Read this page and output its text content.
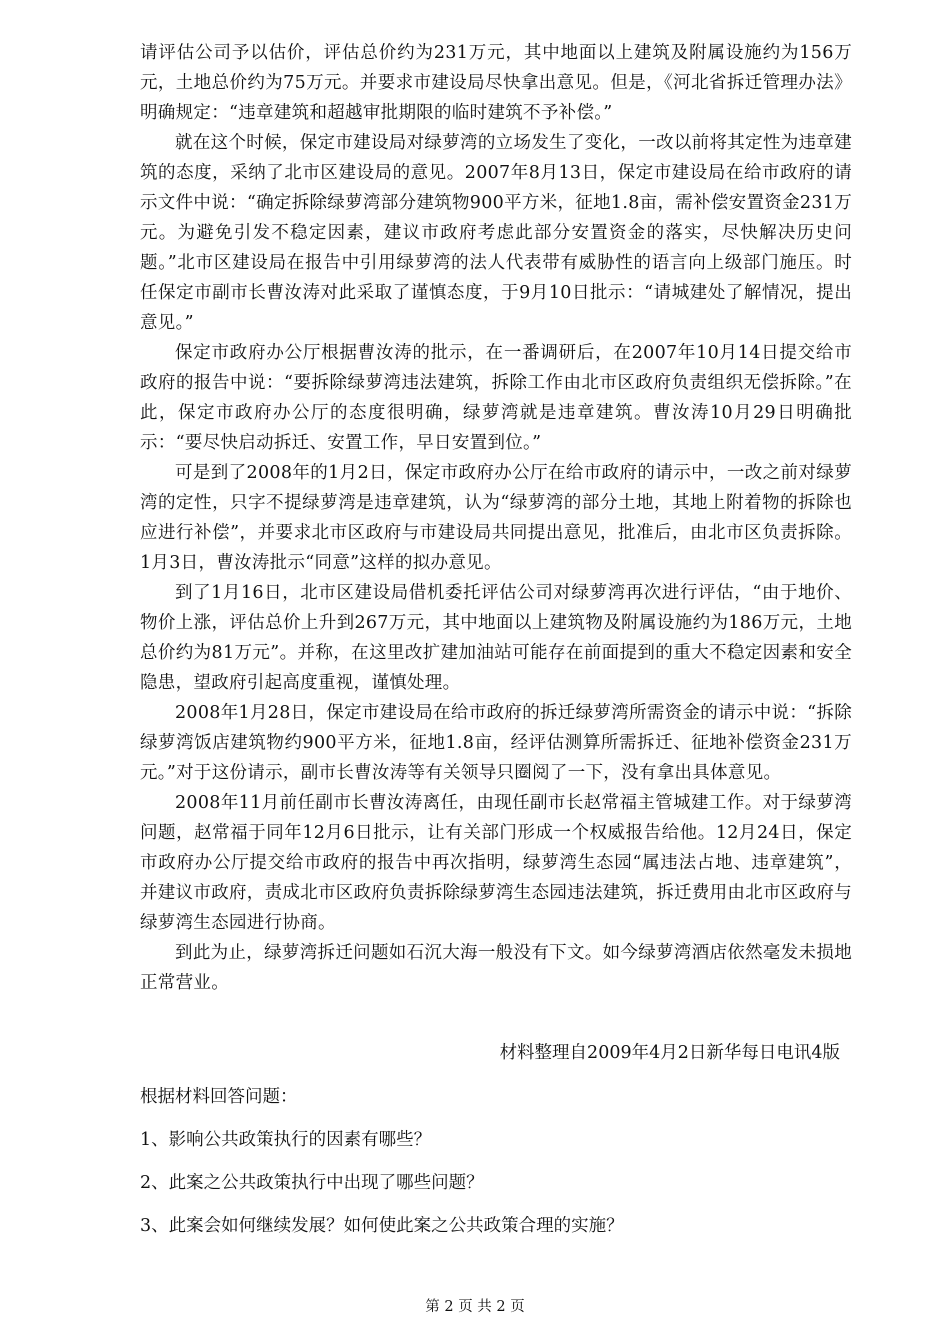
请评估公司予以估价，评估总价约为231万元，其中地面以上建筑及附属设施约为156万元，土地总价约为75万元。并要求市建设局尽快拿出意见。但是，《河北省拆迁管理办法》明确规定：“违章建筑和超越审批期限的临时建筑不予补偿。”

就在这个时候，保定市建设局对绿萝湾的立场发生了变化，一改以前将其定性为违章建筑的态度，采纳了北市区建设局的意见。2007年8月13日，保定市建设局在给市政府的请示文件中说：“确定拆除绿萝湾部分建筑物900平方米，征地1.8亩，需补偿安置资金231万元。为避免引发不稳定因素，建议市政府考虑此部分安置资金的落实，尽快解决历史问题。”北市区建设局在报告中引用绿萝湾的法人代表带有威胁性的语言向上级部门施压。时任保定市副市长曹汝涛对此采取了谨慎态度，于9月10日批示：“请城建处了解情况，提出意见。”

保定市政府办公厅根据曹汝涛的批示，在一番调研后，在2007年10月14日提交给市政府的报告中说：“要拆除绿萝湾违法建筑，拆除工作由北市区政府负责组织无偿拆除。”在此，保定市政府办公厅的态度很明确，绿萝湾就是违章建筑。曹汝涛10月29日明确批示：“要尽快启动拆迁、安置工作，早日安置到位。”

可是到了2008年的1月2日，保定市政府办公厅在给市政府的请示中，一改之前对绿萝湾的定性，只字不提绿萝湾是违章建筑，认为“绿萝湾的部分土地，其地上附着物的拆除也应进行补偿”，并要求北市区政府与市建设局共同提出意见，批准后，由北市区负责拆除。1月3日，曹汝涛批示“同意”这样的拟办意见。

到了1月16日，北市区建设局借机委托评估公司对绿萝湾再次进行评估，“由于地价、物价上涨，评估总价上升到267万元，其中地面以上建筑物及附属设施约为186万元，土地总价约为81万元”。并称，在这里改扩建加油站可能存在前面提到的重大不稳定因素和安全隐患，望政府引起高度重视，谨慎处理。

2008年1月28日，保定市建设局在给市政府的拆迁绿萝湾所需资金的请示中说：“拆除绿萝湾饭店建筑物约900平方米，征地1.8亩，经评估测算所需拆迁、征地补偿资金231万元。”对于这份请示，副市长曹汝涛等有关领导只圈阅了一下，没有拿出具体意见。

2008年11月前任副市长曹汝涛离任，由现任副市长赵常福主管城建工作。对于绿萝湾问题，赵常福于同年12月6日批示，让有关部门形成一个权威报告给他。12月24日，保定市政府办公厅提交给市政府的报告中再次指明，绿萝湾生态园“属违法占地、违章建筑”，并建议市政府，责成北市区政府负责拆除绿萝湾生态园违法建筑，拆迁费用由北市区政府与绿萝湾生态园进行协商。

到此为止，绿萝湾拆迁问题如石沉大海一般没有下文。如今绿萝湾酒店依然毫发未损地正常营业。

材料整理自2009年4月2日新华每日电讯4版
根据材料回答问题：
1、影响公共政策执行的因素有哪些？
2、此案之公共政策执行中出现了哪些问题？
3、此案会如何继续发展？如何使此案之公共政策合理的实施？
第 2 页 共 2 页
